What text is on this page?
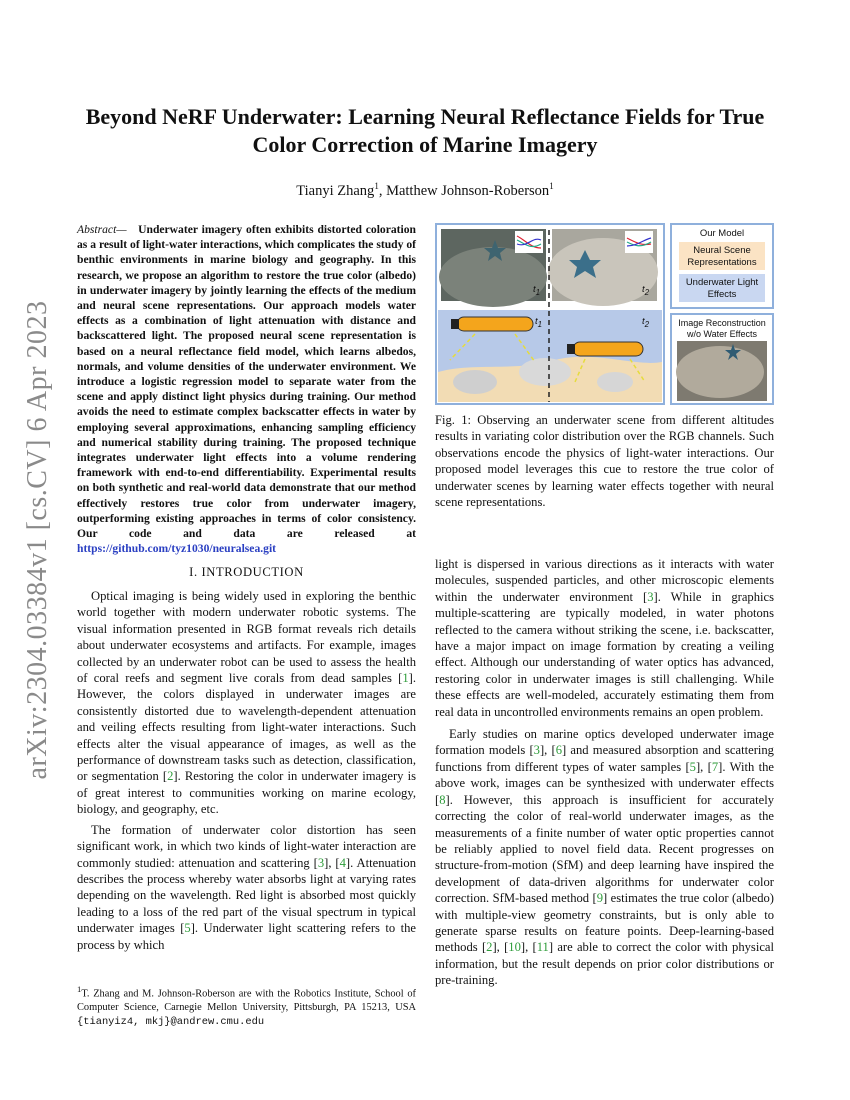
arXiv:2304.03384v1 [cs.CV] 6 Apr 2023
Beyond NeRF Underwater: Learning Neural Reflectance Fields for True Color Correction of Marine Imagery
Tianyi Zhang$^1$, Matthew Johnson-Roberson$^1$
Abstract— Underwater imagery often exhibits distorted coloration as a result of light-water interactions, which complicates the study of benthic environments in marine biology and geography. In this research, we propose an algorithm to restore the true color (albedo) in underwater imagery by jointly learning the effects of the medium and neural scene representations. Our approach models water effects as a combination of light attenuation with distance and backscattered light. The proposed neural scene representation is based on a neural reflectance field model, which learns albedos, normals, and volume densities of the underwater environment. We introduce a logistic regression model to separate water from the scene and apply distinct light physics during training. Our method avoids the need to estimate complex backscatter effects in water by employing several approximations, enhancing sampling efficiency and numerical stability during training. The proposed technique integrates underwater light effects into a volume rendering framework with end-to-end differentiability. Experimental results on both synthetic and real-world data demonstrate that our method effectively restores true color from underwater imagery, outperforming existing approaches in terms of color consistency. Our code and data are released at https://github.com/tyz1030/neuralsea.git
I. INTRODUCTION

Optical imaging is being widely used in exploring the benthic world together with modern underwater robotic systems. The visual information presented in RGB format reveals rich details about underwater ecosystems and artifacts. For example, images collected by an underwater robot can be used to assess the health of coral reefs and segment live corals from dead samples [1]. However, the colors displayed in underwater images are consistently distorted due to wavelength-dependent attenuation and veiling effects resulting from light-water interactions. Such effects alter the visual appearance of images, as well as the performance of downstream tasks such as detection, classification, or segmentation [2]. Restoring the color in underwater imagery is of great interest to communities working on marine ecology, biology, and geography, etc.

The formation of underwater color distortion has seen significant work, in which two kinds of light-water interaction are commonly studied: attenuation and scattering [3], [4]. Attenuation describes the process whereby water absorbs light at varying rates depending on the wavelength. Red light is absorbed most quickly leading to a loss of the red part of the visual spectrum in typical underwater images [5]. Underwater light scattering refers to the process by which

$^1$T. Zhang and M. Johnson-Roberson are with the Robotics Institute, School of Computer Science, Carnegie Mellon University, Pittsburgh, PA 15213, USA {tianyiz4, mkj}@andrew.cmu.edu
Our Model
Neural Scene Representations
Underwater Light Effects
Image Reconstruction w/o Water Effects
$t_1$	$t_2$
$t_1$	$t_2$
Fig. 1: Observing an underwater scene from different altitudes results in variating color distribution over the RGB channels. Such observations encode the physics of light-water interactions. Our proposed model leverages this cue to restore the true color of underwater scenes by learning water effects together with neural scene representations.

light is dispersed in various directions as it interacts with water molecules, suspended particles, and other microscopic elements within the underwater environment [3]. While in graphics multiple-scattering are typically modeled, in water photons reflected to the camera without striking the scene, i.e. backscatter, have a major impact on image formation by creating a veiling effect. Although our understanding of water optics has advanced, restoring color in underwater images is still challenging. While these effects are well-modeled, accurately estimating them from real data in uncontrolled environments remains an open problem.

Early studies on marine optics developed underwater image formation models [3], [6] and measured absorption and scattering functions from different types of water samples [5], [7]. With the above work, images can be synthesized with underwater effects [8]. However, this approach is insufficient for accurately correcting the color of real-world underwater images, as the measurements of a finite number of water optic properties cannot be reliably applied to novel field data. Recent progresses on structure-from-motion (SfM) and deep learning have inspired the development of data-driven algorithms for underwater color correction. SfM-based method [9] estimates the true color (albedo) with multiple-view geometry constraints, but is only able to generate sparse results on feature points. Deep-learning-based methods [2], [10], [11] are able to correct the color with physical information, but the result depends on prior color distributions or pre-training.
